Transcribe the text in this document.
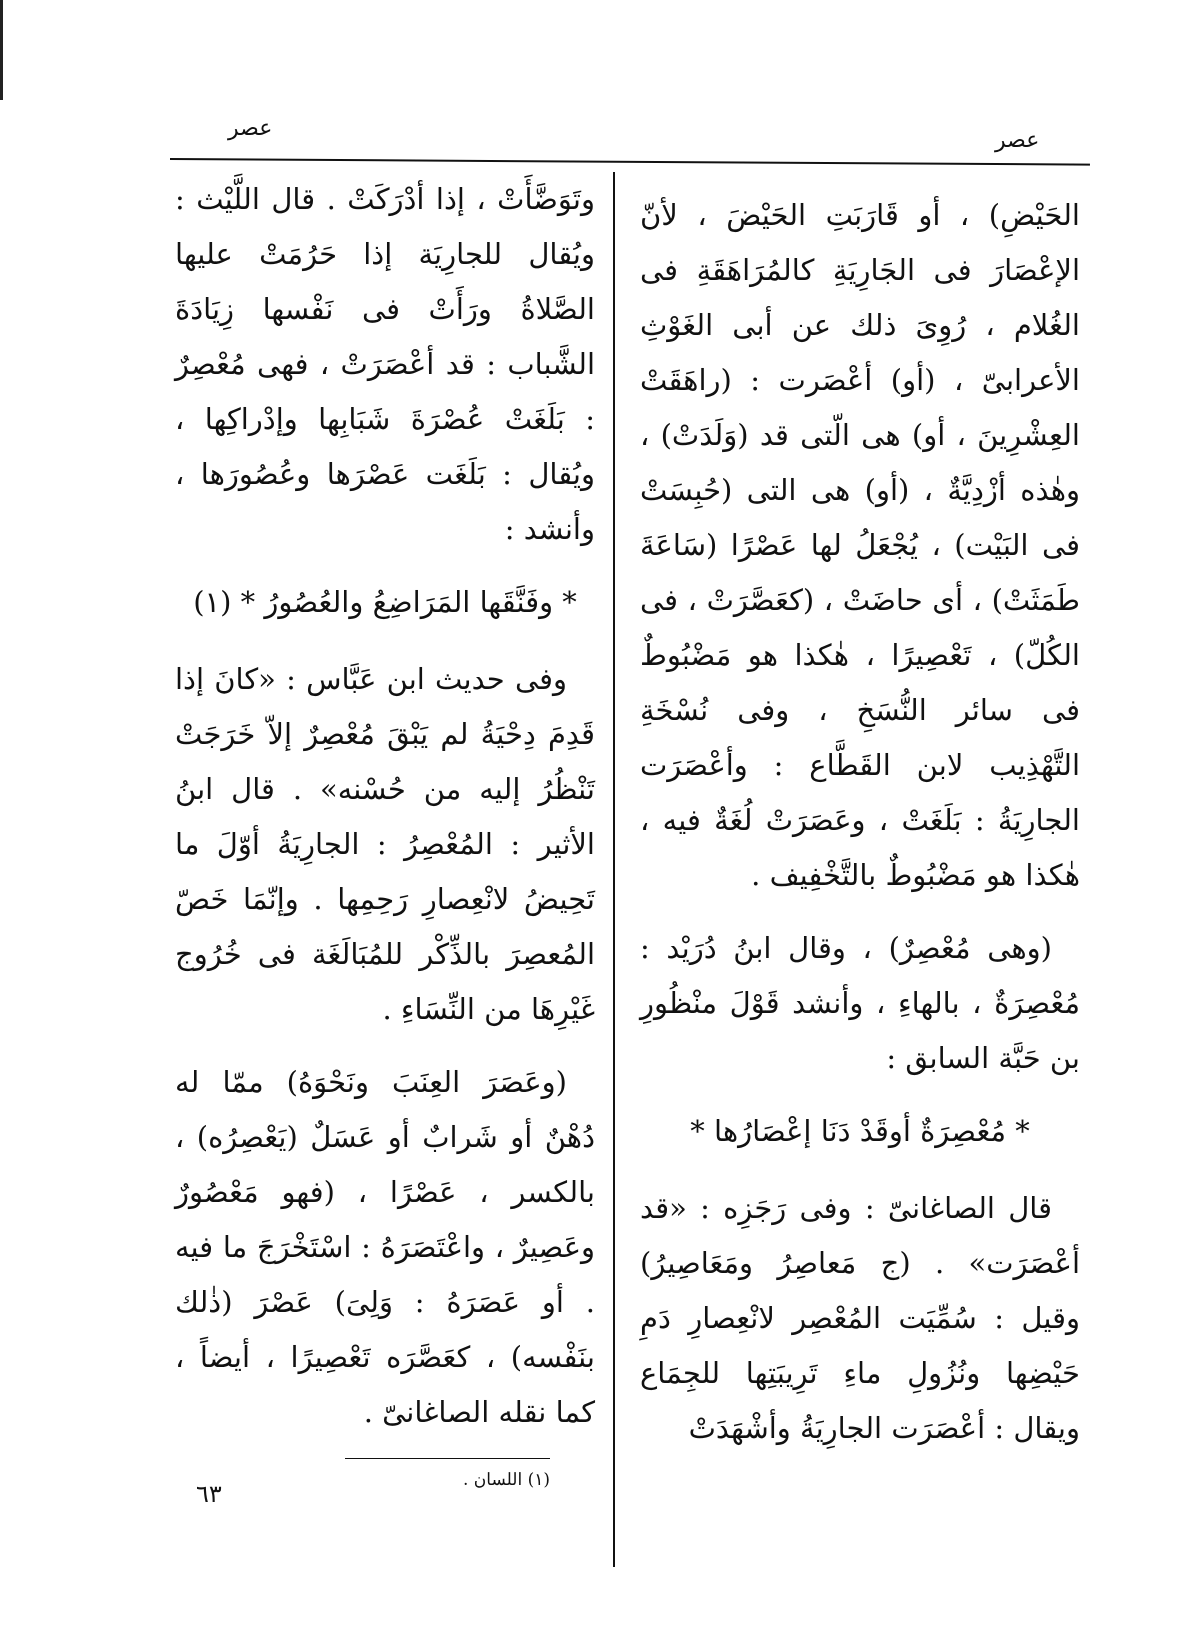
عصر	عصر

الحَيْضِ) ، أو قَارَبَتِ الحَيْضَ ، لأنّ الإعْصَارَ فى الجَارِيَةِ كالمُرَاهَقَةِ فى الغُلام ، رُوِىَ ذلك عن أبى الغَوْثِ الأعرابىّ ، (أو) أعْصَرت : (راهَقَتْ العِشْرِينَ ، أو) هى الّتى قد (وَلَدَتْ) ، وهٰذه أزْدِيَّةٌ ، (أو) هى التى (حُبِسَتْ فى البَيْت) ، يُجْعَلُ لها عَصْرًا (سَاعَةَ طَمَثَتْ) ، أى حاضَتْ ، (كعَصَّرَتْ ، فى الكُلّ) ، تَعْصِيرًا ، هٰكذا هو مَضْبُوطٌ فى سائر النُّسَخِ ، وفى نُسْخَةِ التَّهْذِيب لابن القَطَّاع : وأعْصَرَت الجارِيَةُ : بَلَغَتْ ، وعَصَرَتْ لُغَةٌ فيه ، هٰكذا هو مَضْبُوطٌ بالتَّخْفِيف .

(وهى مُعْصِرٌ) ، وقال ابنُ دُرَيْد : مُعْصِرَةٌ ، بالهاءِ ، وأنشد قَوْلَ منْظُورِ بن حَبَّة السابق :

* مُعْصِرَةٌ أوقَدْ دَنَا إعْصَارُها *

قال الصاغانىّ : وفى رَجَزِه : «قد أعْصَرَت» . (ج مَعاصِرُ ومَعَاصِيرُ) وقيل : سُمِّيَت المُعْصِر لانْعِصارِ دَمِ حَيْضِها ونُزُولِ ماءِ تَرِيبَتِها للجِمَاع ويقال : أعْصَرَت الجارِيَةُ وأشْهَدَتْ

وتَوَضَّأَتْ ، إذا أدْرَكَتْ . قال اللَّيْث : ويُقال للجارِيَة إذا حَرُمَتْ عليها الصَّلاةُ ورَأَتْ فى نَفْسها زِيَادَةَ الشَّباب : قد أعْصَرَتْ ، فهى مُعْصِرٌ : بَلَغَتْ عُصْرَةَ شَبَابِها وإدْراكِها ، ويُقال : بَلَغَت عَصْرَها وعُصُورَها ، وأنشد :

* وفَنَّقَها المَرَاضِعُ والعُصُورُ * (١)

وفى حديث ابن عَبَّاس : «كانَ إذا قَدِمَ دِحْيَةُ لم يَبْقَ مُعْصِرٌ إلاّ خَرَجَتْ تَنْظُرُ إليه من حُسْنه» . قال ابنُ الأثير : المُعْصِرُ : الجارِيَةُ أوّلَ ما تَحِيضُ لانْعِصارِ رَحِمِها . وإنّمَا خَصّ المُعصِرَ بالذِّكْر للمُبَالَغَة فى خُرُوج غَيْرِهَا من النِّسَاءِ .

(وعَصَرَ العِنَبَ ونَحْوَهُ) ممّا له دُهْنٌ أو شَرابٌ أو عَسَلٌ (يَعْصِرُه) ، بالكسر ، عَصْرًا ، (فهو مَعْصُورٌ وعَصِيرٌ ، واعْتَصَرَهُ : اسْتَخْرَجَ ما فيه . أو عَصَرَهُ : وَلِىَ) عَصْرَ (ذٰلك بنَفْسه) ، كعَصَّرَه تَعْصِيرًا ، أيضاً ، كما نقله الصاغانىّ .

(١) اللسان .
٦٣
